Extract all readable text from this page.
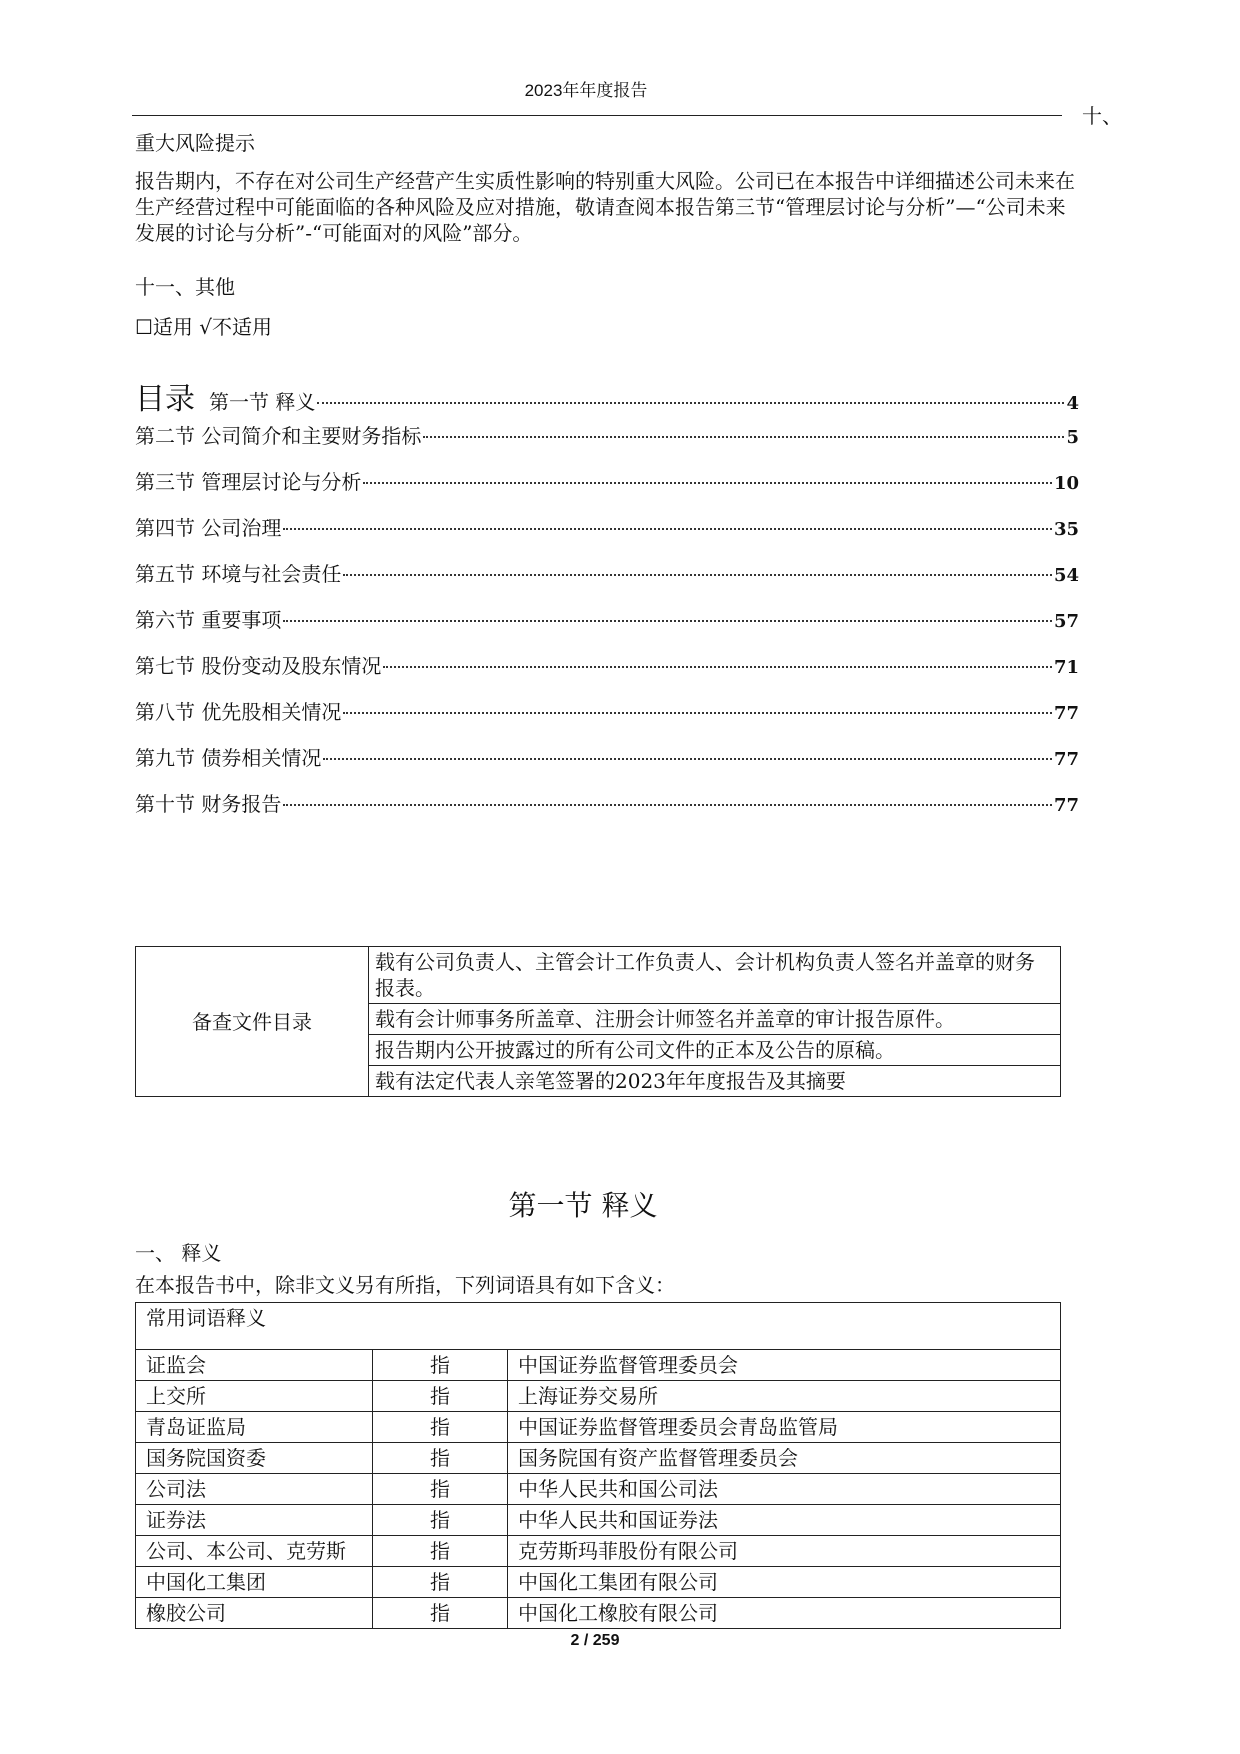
2023年年度报告
十、
重大风险提示
报告期内，不存在对公司生产经营产生实质性影响的特别重大风险。公司已在本报告中详细描述公司未来在生产经营过程中可能面临的各种风险及应对措施，敬请查阅本报告第三节“管理层讨论与分析”—“公司未来发展的讨论与分析”-“可能面对的风险”部分。
十一、其他
☐适用 √不适用
目录 第一节 释义	4
第二节 公司简介和主要财务指标	5
第三节 管理层讨论与分析	10
第四节 公司治理	35
第五节 环境与社会责任	54
第六节 重要事项	57
第七节 股份变动及股东情况	71
第八节 优先股相关情况	77
第九节 债券相关情况	77
第十节 财务报告	77
备查文件目录	载有公司负责人、主管会计工作负责人、会计机构负责人签名并盖章的财务报表。
载有会计师事务所盖章、注册会计师签名并盖章的审计报告原件。
报告期内公开披露过的所有公司文件的正本及公告的原稿。
载有法定代表人亲笔签署的2023年年度报告及其摘要
第一节 释义
一、 释义
在本报告书中，除非文义另有所指，下列词语具有如下含义：
常用词语释义		
证监会	指	中国证券监督管理委员会
上交所	指	上海证券交易所
青岛证监局	指	中国证券监督管理委员会青岛监管局
国务院国资委	指	国务院国有资产监督管理委员会
公司法	指	中华人民共和国公司法
证券法	指	中华人民共和国证券法
公司、本公司、克劳斯	指	克劳斯玛菲股份有限公司
中国化工集团	指	中国化工集团有限公司
橡胶公司	指	中国化工橡胶有限公司
2 / 259
